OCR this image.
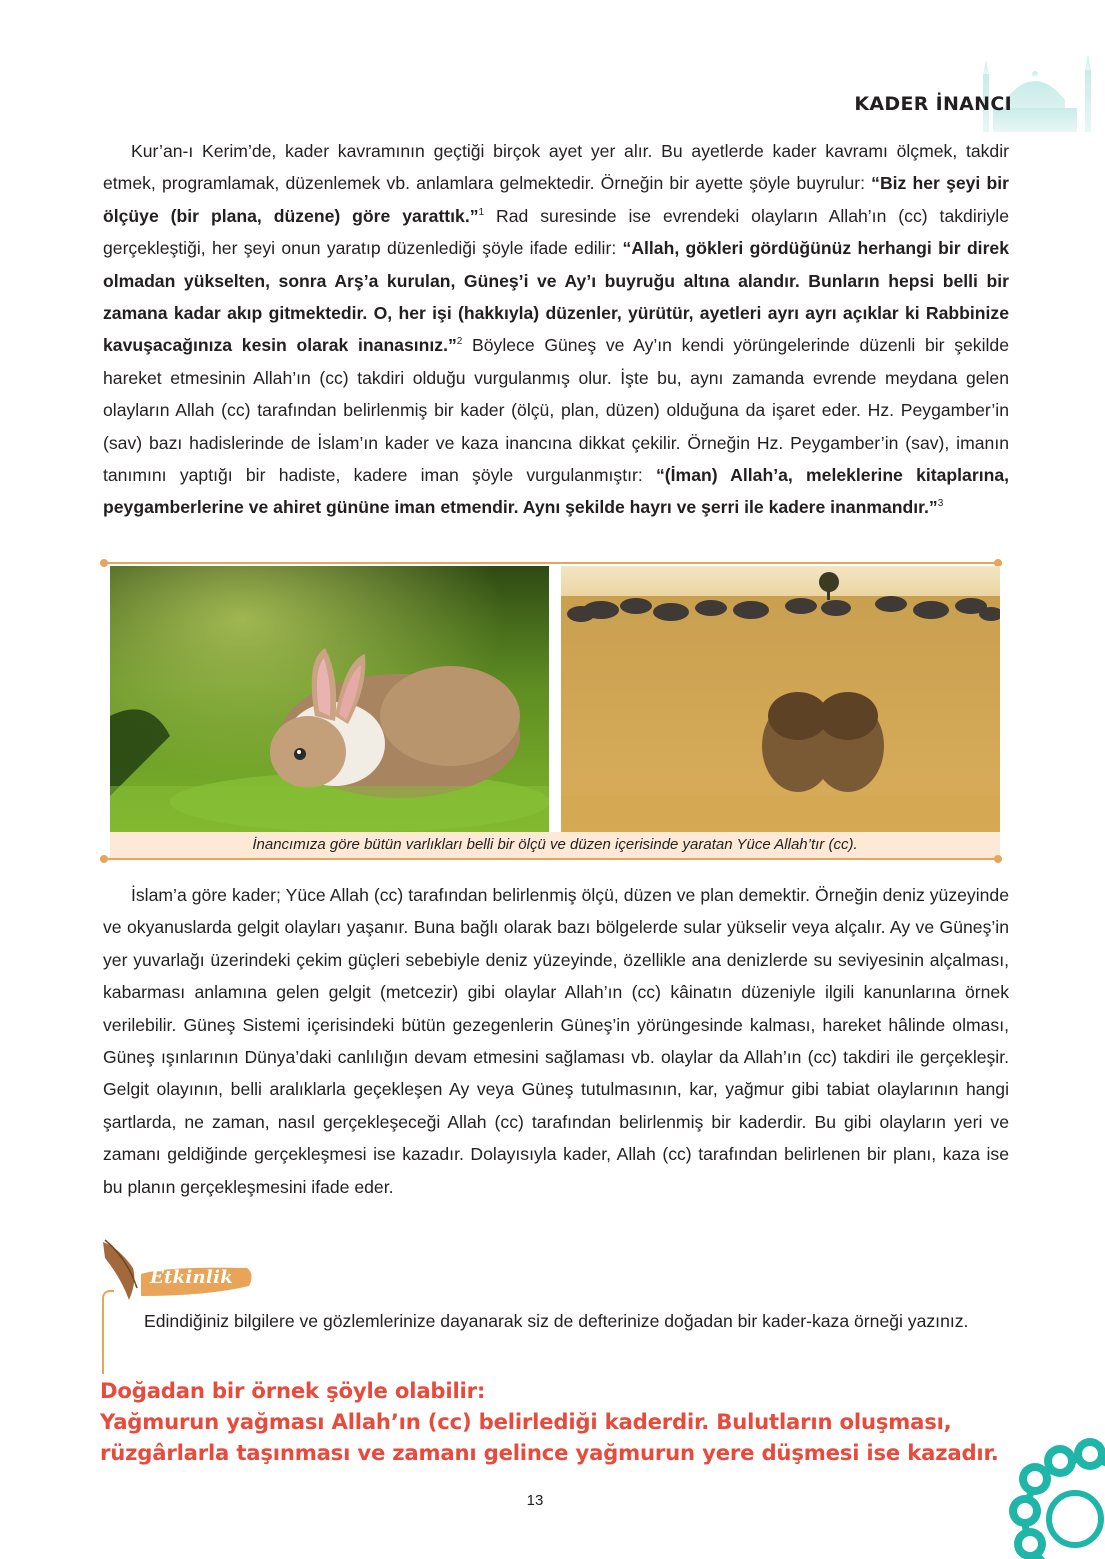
KADER İNANCI

Kur’an-ı Kerim’de, kader kavramının geçtiği birçok ayet yer alır. Bu ayetlerde kader kavramı ölçmek, takdir etmek, programlamak, düzenlemek vb. anlamlara gelmektedir. Örneğin bir ayette şöyle buyrulur: “Biz her şeyi bir ölçüye (bir plana, düzene) göre yarattık.”$^1$ Rad suresinde ise evrendeki olayların Allah’ın (cc) takdiriyle gerçekleştiği, her şeyi onun yaratıp düzenlediği şöyle ifade edilir: “Allah, gökleri gördüğünüz herhangi bir direk olmadan yükselten, sonra Arş’a kurulan, Güneş’i ve Ay’ı buyruğu altına alandır. Bunların hepsi belli bir zamana kadar akıp gitmektedir. O, her işi (hakkıyla) düzenler, yürütür, ayetleri ayrı ayrı açıklar ki Rabbinize kavuşacağınıza kesin olarak inanasınız.”$^2$ Böylece Güneş ve Ay’ın kendi yörüngelerinde düzenli bir şekilde hareket etmesinin Allah’ın (cc) takdiri olduğu vurgulanmış olur. İşte bu, aynı zamanda evrende meydana gelen olayların Allah (cc) tarafından belirlenmiş bir kader (ölçü, plan, düzen) olduğuna da işaret eder. Hz. Peygamber’in (sav) bazı hadislerinde de İslam’ın kader ve kaza inancına dikkat çekilir. Örneğin Hz. Peygamber’in (sav), imanın tanımını yaptığı bir hadiste, kadere iman şöyle vurgulanmıştır: “(İman) Allah’a, meleklerine kitaplarına, peygamberlerine ve ahiret gününe iman etmendir. Aynı şekilde hayrı ve şerri ile kadere inanmandır.”$^3$

İnancımıza göre bütün varlıkları belli bir ölçü ve düzen içerisinde yaratan Yüce Allah’tır (cc).

İslam’a göre kader; Yüce Allah (cc) tarafından belirlenmiş ölçü, düzen ve plan demektir. Örneğin deniz yüzeyinde ve okyanuslarda gelgit olayları yaşanır. Buna bağlı olarak bazı bölgelerde sular yükselir veya alçalır. Ay ve Güneş’in yer yuvarlağı üzerindeki çekim güçleri sebebiyle deniz yüzeyinde, özellikle ana denizlerde su seviyesinin alçalması, kabarması anlamına gelen gelgit (metcezir) gibi olaylar Allah’ın (cc) kâinatın düzeniyle ilgili kanunlarına örnek verilebilir. Güneş Sistemi içerisindeki bütün gezegenlerin Güneş’in yörüngesinde kalması, hareket hâlinde olması, Güneş ışınlarının Dünya’daki canlılığın devam etmesini sağlaması vb. olaylar da Allah’ın (cc) takdiri ile gerçekleşir. Gelgit olayının, belli aralıklarla geçekleşen Ay veya Güneş tutulmasının, kar, yağmur gibi tabiat olaylarının hangi şartlarda, ne zaman, nasıl gerçekleşeceği Allah (cc) tarafından belirlenmiş bir kaderdir. Bu gibi olayların yeri ve zamanı geldiğinde gerçekleşmesi ise kazadır. Dolayısıyla kader, Allah (cc) tarafından belirlenen bir planı, kaza ise bu planın gerçekleşmesini ifade eder.

Etkinlik
Edindiğiniz bilgilere ve gözlemlerinize dayanarak siz de defterinize doğadan bir kader-kaza örneği yazınız.
Doğadan bir örnek şöyle olabilir:
Yağmurun yağması Allah’ın (cc) belirlediği kaderdir. Bulutların oluşması,
rüzgârlarla taşınması ve zamanı gelince yağmurun yere düşmesi ise kazadır.
13
